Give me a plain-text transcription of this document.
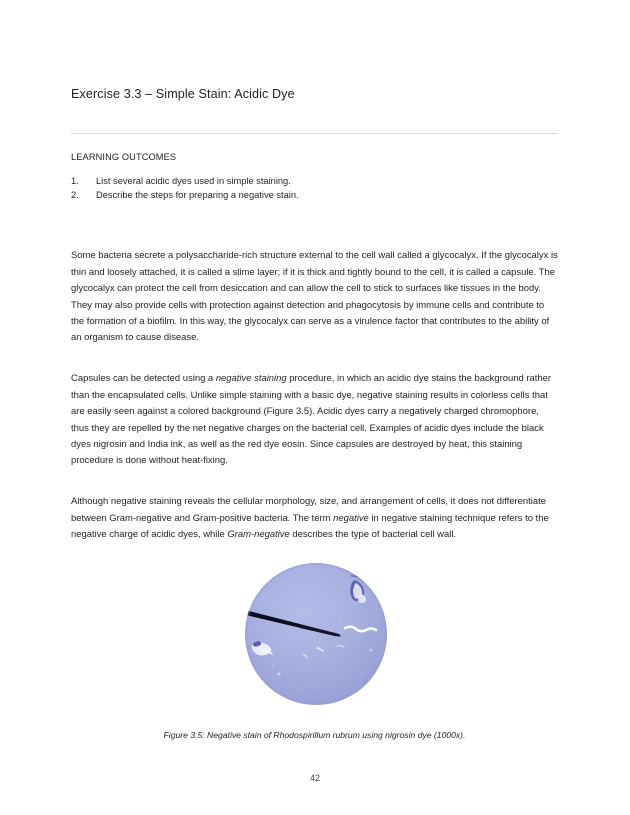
Exercise 3.3 – Simple Stain: Acidic Dye
LEARNING OUTCOMES
1.	List several acidic dyes used in simple staining.
2.	Describe the steps for preparing a negative stain.

Some bacteria secrete a polysaccharide-rich structure external to the cell wall called a glycocalyx. If the glycocalyx is thin and loosely attached, it is called a slime layer; if it is thick and tightly bound to the cell, it is called a capsule. The glycocalyx can protect the cell from desiccation and can allow the cell to stick to surfaces like tissues in the body. They may also provide cells with protection against detection and phagocytosis by immune cells and contribute to the formation of a biofilm. In this way, the glycocalyx can serve as a virulence factor that contributes to the ability of an organism to cause disease.

Capsules can be detected using a negative staining procedure, in which an acidic dye stains the background rather than the encapsulated cells. Unlike simple staining with a basic dye, negative staining results in colorless cells that are easily seen against a colored background (Figure 3.5). Acidic dyes carry a negatively charged chromophore, thus they are repelled by the net negative charges on the bacterial cell. Examples of acidic dyes include the black dyes nigrosin and India ink, as well as the red dye eosin. Since capsules are destroyed by heat, this staining procedure is done without heat-fixing.

Although negative staining reveals the cellular morphology, size, and arrangement of cells, it does not differentiate between Gram-negative and Gram-positive bacteria. The term negative in negative staining technique refers to the negative charge of acidic dyes, while Gram-negative describes the type of bacterial cell wall.

Figure 3.5: Negative stain of Rhodospirillum rubrum using nigrosin dye (1000x).
42
